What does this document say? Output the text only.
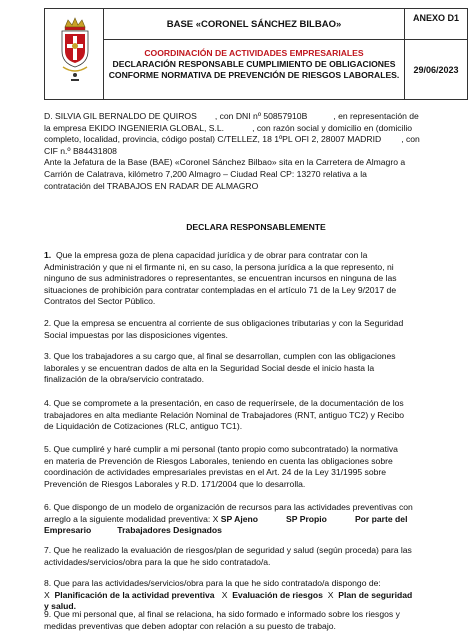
BASE «CORONEL SÁNCHEZ BILBAO»
ANEXO D1
COORDINACIÓN DE ACTIVIDADES EMPRESARIALES
DECLARACIÓN RESPONSABLE CUMPLIMIENTO DE OBLIGACIONES
CONFORME NORMATIVA DE PREVENCIÓN DE RIESGOS LABORALES.
29/06/2023
D. SILVIA GIL BERNALDO DE QUIROS , con DNI nº 50857910B	, en representación de
la empresa EKIDO INGENIERIA GLOBAL, S.L.	, con razón social y domicilio en (domicilio
completo, localidad, provincia, código postal) C/TELLEZ, 18 1ºPL OFI 2, 28007 MADRID , con
CIF n.º B84431808
Ante la Jefatura de la Base (BAE) «Coronel Sánchez Bilbao» sita en la Carretera de Almagro a
Carrión de Calatrava, kilómetro 7,200 Almagro – Ciudad Real CP: 13270 relativa a la
contratación del TRABAJOS EN RADAR DE ALMAGRO
DECLARA RESPONSABLEMENTE
1. Que la empresa goza de plena capacidad jurídica y de obrar para contratar con la
Administración y que ni el firmante ni, en su caso, la persona jurídica a la que represento, ni
ninguno de sus administradores o representantes, se encuentran incursos en ninguna de las
situaciones de prohibición para contratar contempladas en el artículo 71 de la Ley 9/2017 de
Contratos del Sector Público.
2. Que la empresa se encuentra al corriente de sus obligaciones tributarias y con la Seguridad
Social impuestas por las disposiciones vigentes.
3. Que los trabajadores a su cargo que, al final se desarrollan, cumplen con las obligaciones
laborales y se encuentran dados de alta en la Seguridad Social desde el inicio hasta la
finalización de la obra/servicio contratado.
4. Que se compromete a la presentación, en caso de requerírsele, de la documentación de los
trabajadores en alta mediante Relación Nominal de Trabajadores (RNT, antiguo TC2) y Recibo
de Liquidación de Cotizaciones (RLC, antiguo TC1).
5. Que cumpliré y haré cumplir a mi personal (tanto propio como subcontratado) la normativa
en materia de Prevención de Riesgos Laborales, teniendo en cuenta las obligaciones sobre
coordinación de actividades empresariales previstas en el Art. 24 de la Ley 31/1995 sobre
Prevención de Riesgos Laborales y R.D. 171/2004 que lo desarrolla.
6. Que dispongo de un modelo de organización de recursos para las actividades preventivas con
arreglo a la siguiente modalidad preventiva: X SP Ajeno	SP Propio	Por parte del
Empresario	Trabajadores Designados
7. Que he realizado la evaluación de riesgos/plan de seguridad y salud (según proceda) para las
actividades/servicios/obra para la que he sido contratado/a.
8. Que para las actividades/servicios/obra para la que he sido contratado/a dispongo de:
X Planificación de la actividad preventiva X Evaluación de riesgos X Plan de seguridad
y salud.
9. Que mi personal que, al final se relaciona, ha sido formado e informado sobre los riesgos y
medidas preventivas que deben adoptar con relación a su puesto de trabajo.
